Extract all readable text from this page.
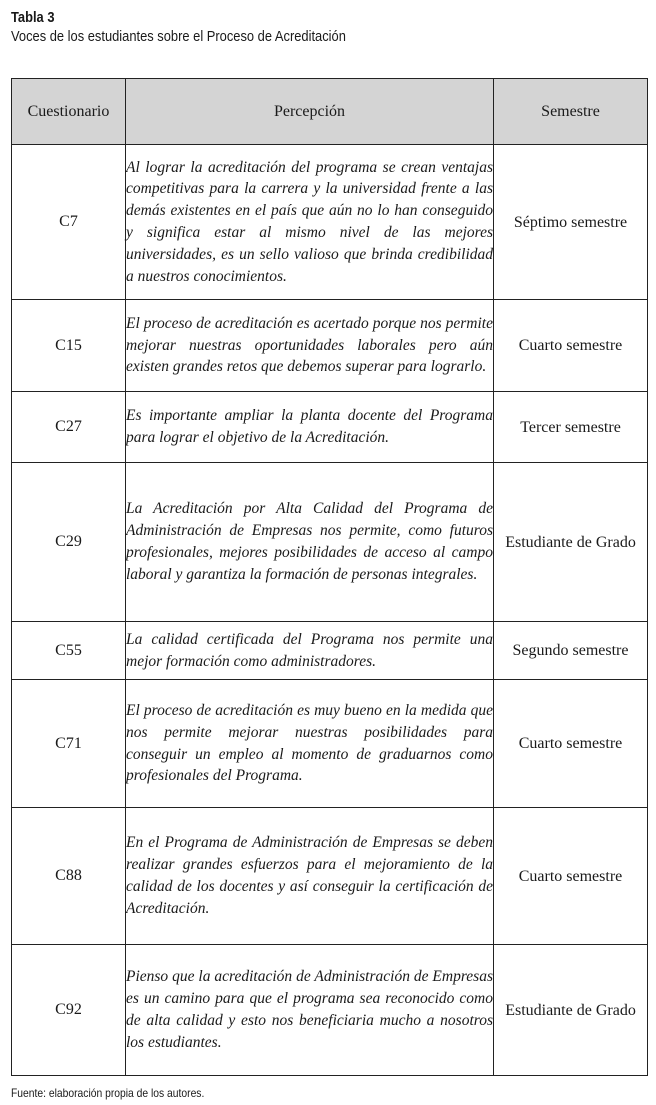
Tabla 3
Voces de los estudiantes sobre el Proceso de Acreditación
Cuestionario	Percepción	Semestre
C7	Al lograr la acreditación del programa se crean ventajas competitivas para la carrera y la universidad frente a las demás existentes en el país que aún no lo han conseguido y significa estar al mismo nivel de las mejores universidades, es un sello valioso que brinda credibilidad a nuestros conocimientos.	Séptimo semestre
C15	El proceso de acreditación es acertado porque nos permite mejorar nuestras oportunidades laborales pero aún existen grandes retos que debemos superar para lograrlo.	Cuarto semestre
C27	Es importante ampliar la planta docente del Programa para lograr el objetivo de la Acreditación.	Tercer semestre
C29	La Acreditación por Alta Calidad del Programa de Administración de Empresas nos permite, como futuros profesionales, mejores posibilidades de acceso al campo laboral y garantiza la formación de personas integrales.	Estudiante de Grado
C55	La calidad certificada del Programa nos permite una mejor formación como administradores.	Segundo semestre
C71	El proceso de acreditación es muy bueno en la medida que nos permite mejorar nuestras posibilidades para conseguir un empleo al momento de graduarnos como profesionales del Programa.	Cuarto semestre
C88	En el Programa de Administración de Empresas se deben realizar grandes esfuerzos para el mejoramiento de la calidad de los docentes y así conseguir la certificación de Acreditación.	Cuarto semestre
C92	Pienso que la acreditación de Administración de Empresas es un camino para que el programa sea reconocido como de alta calidad y esto nos beneficiaria mucho a nosotros los estudiantes.	Estudiante de Grado
Fuente: elaboración propia de los autores.
